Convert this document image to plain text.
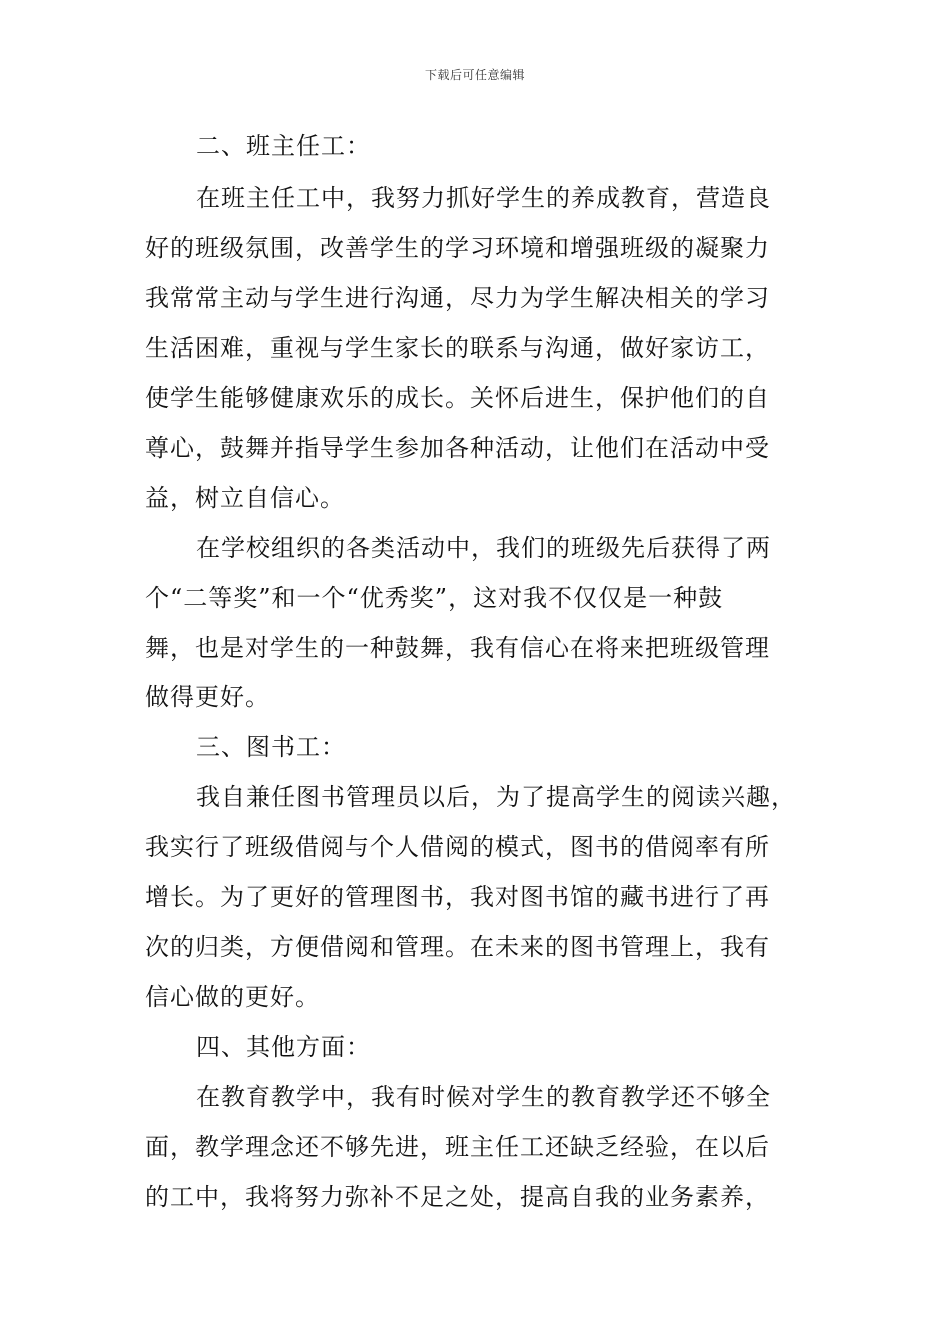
下载后可任意编辑
二、班主任工：
在班主任工中，我努力抓好学生的养成教育，营造良
好的班级氛围，改善学生的学习环境和增强班级的凝聚力
我常常主动与学生进行沟通，尽力为学生解决相关的学习
生活困难，重视与学生家长的联系与沟通，做好家访工，
使学生能够健康欢乐的成长。关怀后进生，保护他们的自
尊心，鼓舞并指导学生参加各种活动，让他们在活动中受
益，树立自信心。
在学校组织的各类活动中，我们的班级先后获得了两
个“二等奖”和一个“优秀奖”，这对我不仅仅是一种鼓
舞，也是对学生的一种鼓舞，我有信心在将来把班级管理
做得更好。
三、图书工：
我自兼任图书管理员以后，为了提高学生的阅读兴趣，
我实行了班级借阅与个人借阅的模式，图书的借阅率有所
增长。为了更好的管理图书，我对图书馆的藏书进行了再
次的归类，方便借阅和管理。在未来的图书管理上，我有
信心做的更好。
四、其他方面：
在教育教学中，我有时候对学生的教育教学还不够全
面，教学理念还不够先进，班主任工还缺乏经验，在以后
的工中，我将努力弥补不足之处，提高自我的业务素养，
